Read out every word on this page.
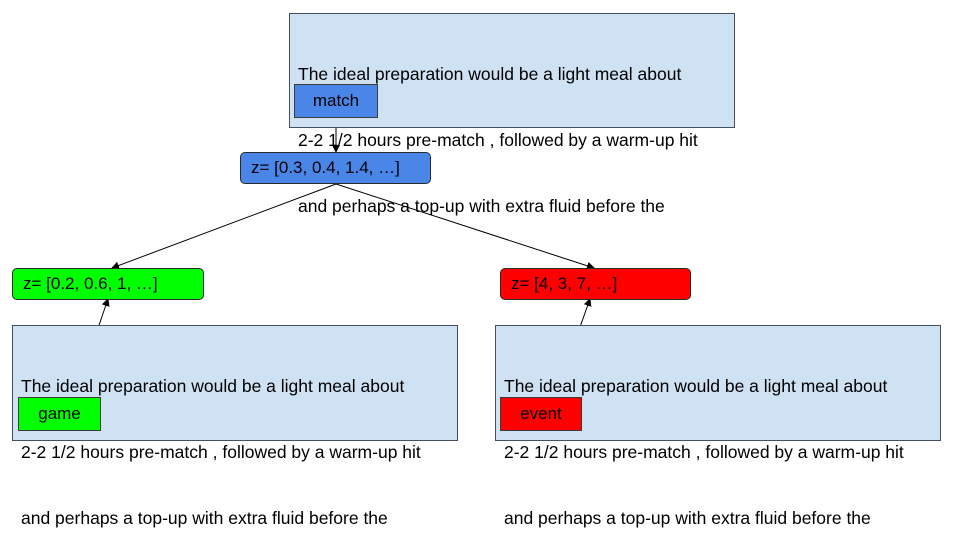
The ideal preparation would be a light meal about

2-2 1/2 hours pre-match , followed by a warm-up hit

and perhaps a top-up with extra fluid before the

match
z= [0.3, 0.4, 1.4, …]
z= [0.2, 0.6, 1, …]	z= [4, 3, 7, …]

The ideal preparation would be a light meal about

2-2 1/2 hours pre-match , followed by a warm-up hit

and perhaps a top-up with extra fluid before the

game

The ideal preparation would be a light meal about

2-2 1/2 hours pre-match , followed by a warm-up hit

and perhaps a top-up with extra fluid before the

event
